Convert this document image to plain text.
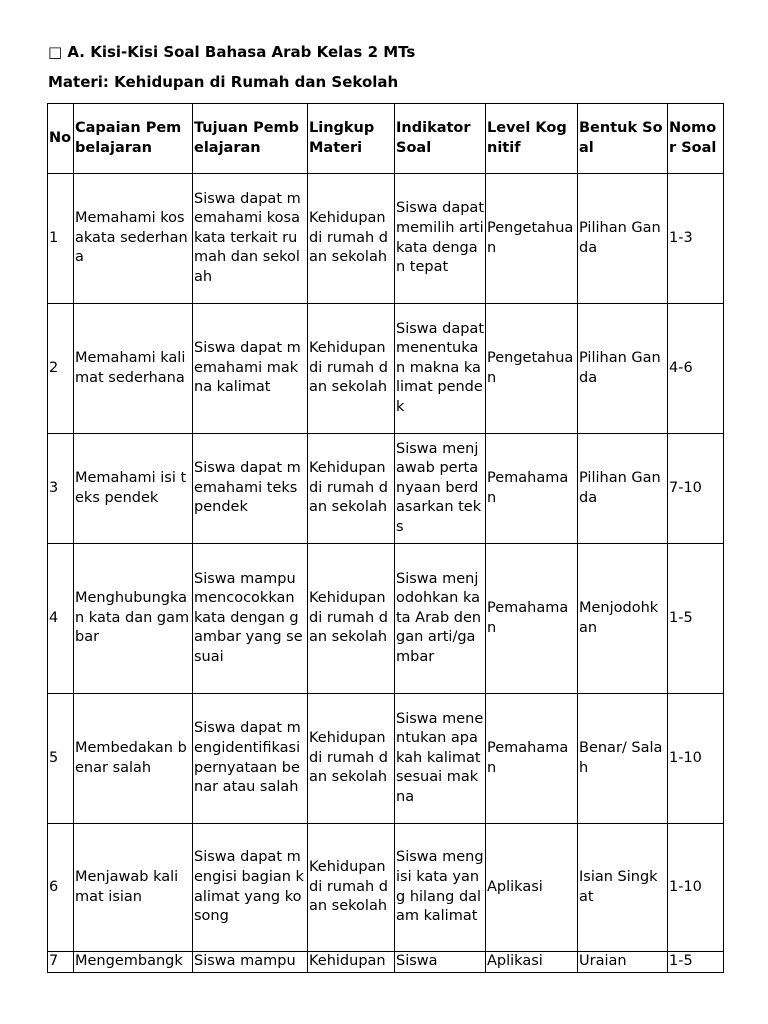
□ A. Kisi-Kisi Soal Bahasa Arab Kelas 2 MTs
Materi: Kehidupan di Rumah dan Sekolah
No	Capaian Pembelajaran	Tujuan Pembelajaran	Lingkup Materi	Indikator Soal	Level Kognitif	Bentuk Soal	Nomor Soal
1	Memahami kosakata sederhana	Siswa dapat memahami kosa kata terkait rumah dan sekolah	Kehidupan di rumah dan sekolah	Siswa dapat memilih arti kata dengan tepat	Pengetahuan	Pilihan Ganda	1-3
2	Memahami kalimat sederhana	Siswa dapat memahami makna kalimat	Kehidupan di rumah dan sekolah	Siswa dapat menentukan makna kalimat pendek	Pengetahuan	Pilihan Ganda	4-6
3	Memahami isi teks pendek	Siswa dapat memahami teks pendek	Kehidupan di rumah dan sekolah	Siswa menjawab pertanyaan berdasarkan teks	Pemahaman	Pilihan Ganda	7-10
4	Menghubungkan kata dan gambar	Siswa mampu mencocokkan kata dengan gambar yang sesuai	Kehidupan di rumah dan sekolah	Siswa menjodohkan kata Arab dengan arti/gambar	Pemahaman	Menjodohkan	1-5
5	Membedakan benar salah	Siswa dapat mengidentifikasi pernyataan benar atau salah	Kehidupan di rumah dan sekolah	Siswa menentukan apakah kalimat sesuai makna	Pemahaman	Benar/ Salah	1-10
6	Menjawab kalimat isian	Siswa dapat mengisi bagian kalimat yang kosong	Kehidupan di rumah dan sekolah	Siswa mengisi kata yang hilang dalam kalimat	Aplikasi	Isian Singkat	1-10
7	Mengembangk	Siswa mampu	Kehidupan	Siswa	Aplikasi	Uraian	1-5
